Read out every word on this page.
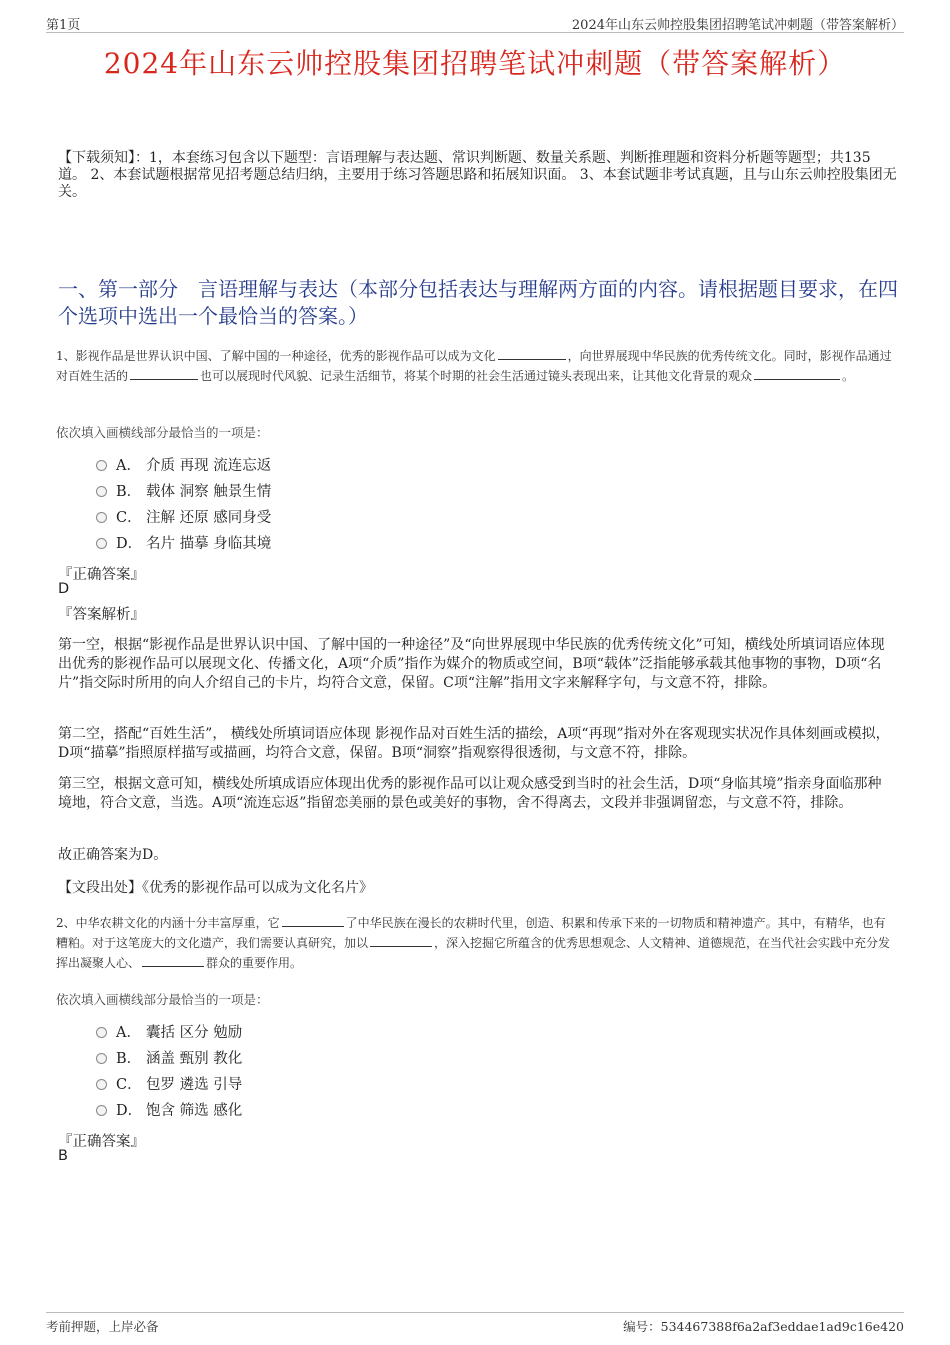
第1页	2024年山东云帅控股集团招聘笔试冲刺题（带答案解析）
2024年山东云帅控股集团招聘笔试冲刺题（带答案解析）
【下载须知】：1，本套练习包含以下题型：言语理解与表达题、常识判断题、数量关系题、判断推理题和资料分析题等题型；共135道。 2、本套试题根据常见招考题总结归纳，主要用于练习答题思路和拓展知识面。 3、本套试题非考试真题，且与山东云帅控股集团无关。
一、第一部分　言语理解与表达（本部分包括表达与理解两方面的内容。请根据题目要求，在四个选项中选出一个最恰当的答案。）
1、影视作品是世界认识中国、了解中国的一种途径，优秀的影视作品可以成为文化	，向世界展现中华民族的优秀传统文化。同时，影视作品通过对百姓生活的	也可以展现时代风貌、记录生活细节，将某个时期的社会生活通过镜头表现出来，让其他文化背景的观众	。
依次填入画横线部分最恰当的一项是：
A． 介质 再现 流连忘返
B． 载体 洞察 触景生情
C． 注解 还原 感同身受
D． 名片 描摹 身临其境
『正确答案』
D
『答案解析』
第一空，根据“影视作品是世界认识中国、了解中国的一种途径”及“向世界展现中华民族的优秀传统文化”可知，横线处所填词语应体现出优秀的影视作品可以展现文化、传播文化，A项“介质”指作为媒介的物质或空间，B项“载体”泛指能够承载其他事物的事物，D项“名片”指交际时所用的向人介绍自己的卡片，均符合文意，保留。C项“注解”指用文字来解释字句，与文意不符，排除。
第二空，搭配“百姓生活”， 横线处所填词语应体现 影视作品对百姓生活的描绘，A项“再现”指对外在客观现实状况作具体刻画或模拟，D项“描摹”指照原样描写或描画，均符合文意，保留。B项“洞察”指观察得很透彻，与文意不符，排除。
第三空，根据文意可知，横线处所填成语应体现出优秀的影视作品可以让观众感受到当时的社会生活，D项“身临其境”指亲身面临那种境地，符合文意，当选。A项“流连忘返”指留恋美丽的景色或美好的事物，舍不得离去，文段并非强调留恋，与文意不符，排除。
故正确答案为D。
【文段出处】《优秀的影视作品可以成为文化名片》
2、中华农耕文化的内涵十分丰富厚重，它	了中华民族在漫长的农耕时代里，创造、积累和传承下来的一切物质和精神遗产。其中，有精华，也有糟粕。对于这笔庞大的文化遗产，我们需要认真研究，加以	，深入挖掘它所蕴含的优秀思想观念、人文精神、道德规范，在当代社会实践中充分发挥出凝聚人心、	群众的重要作用。
依次填入画横线部分最恰当的一项是：
A． 囊括 区分 勉励
B． 涵盖 甄别 教化
C． 包罗 遴选 引导
D． 饱含 筛选 感化
『正确答案』
B
考前押题，上岸必备	编号：534467388f6a2af3eddae1ad9c16e420
